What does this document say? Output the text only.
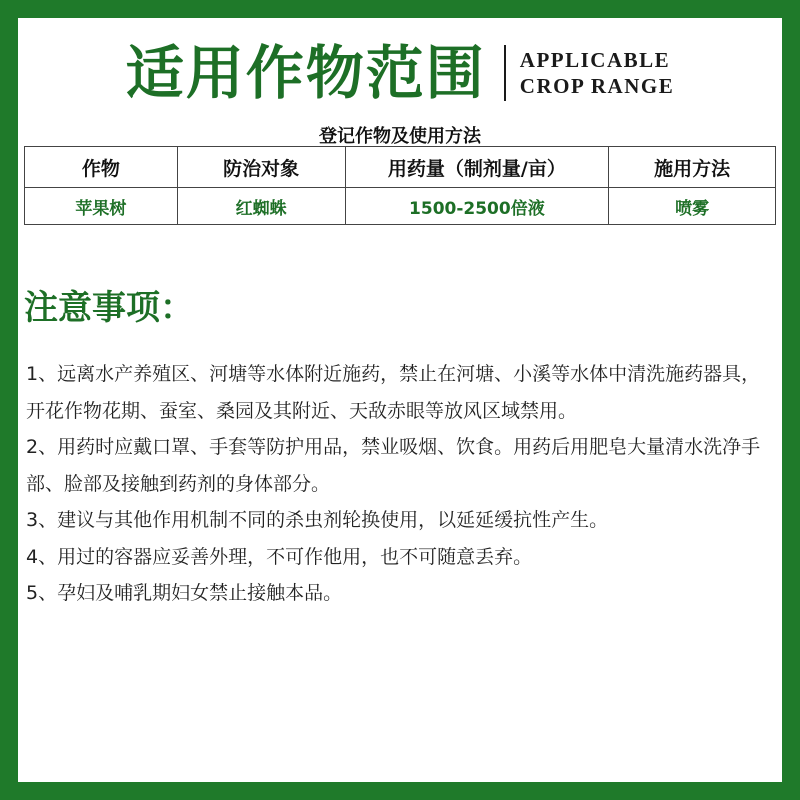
适用作物范围 APPLICABLE
CROP RANGE
登记作物及使用方法
作物	防治对象	用药量（制剂量/亩）	施用方法
苹果树	红蜘蛛	1500-2500倍液	喷雾
注意事项：

1、远离水产养殖区、河塘等水体附近施药，禁止在河塘、小溪等水体中清洗施药器具，开花作物花期、蚕室、桑园及其附近、天敌赤眼等放风区域禁用。

2、用药时应戴口罩、手套等防护用品，禁业吸烟、饮食。用药后用肥皂大量清水洗净手部、脸部及接触到药剂的身体部分。

3、建议与其他作用机制不同的杀虫剂轮换使用，以延延缓抗性产生。

4、用过的容器应妥善外理，不可作他用，也不可随意丢弃。

5、孕妇及哺乳期妇女禁止接触本品。
